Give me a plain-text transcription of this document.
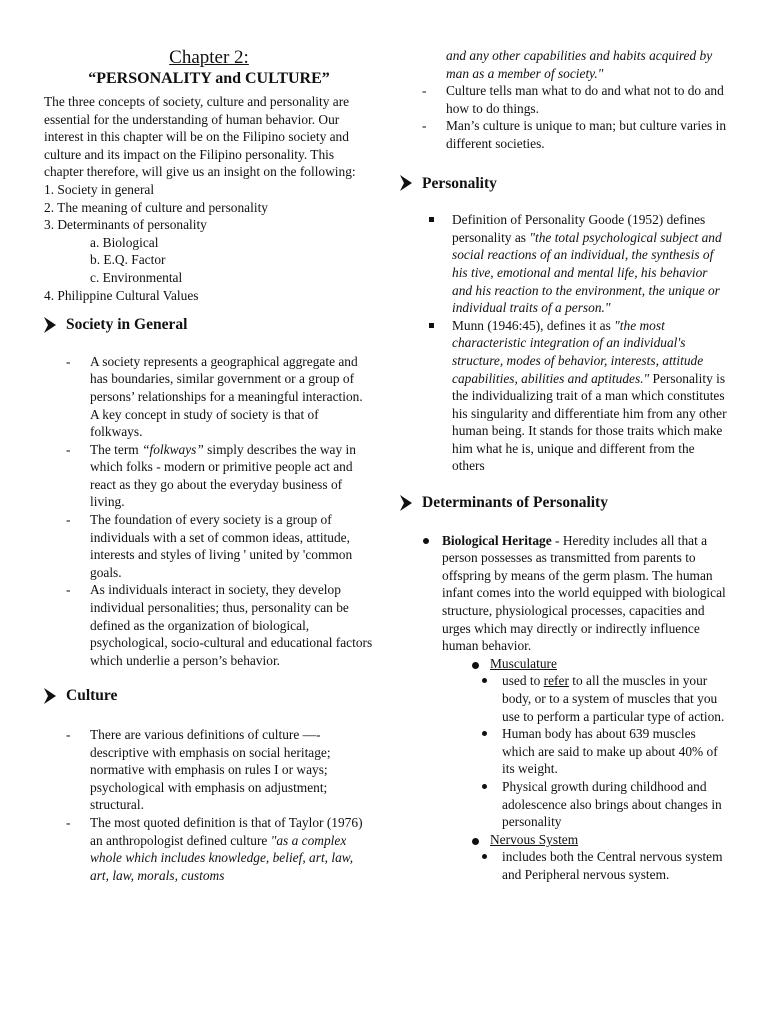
Chapter 2:
“PERSONALITY and CULTURE”

The three concepts of society, culture and personality are essential for the understanding of human behavior. Our interest in this chapter will be on the Filipino society and culture and its impact on the Filipino personality. This chapter therefore, will give us an insight on the following:

1. Society in general
2. The meaning of culture and personality
3. Determinants of personality
a. Biological
b. E.Q. Factor
c. Environmental
4. Philippine Cultural Values
Society in General
- A society represents a geographical aggregate and has boundaries, similar government or a group of persons’ relationships for a meaningful interaction. A key concept in study of society is that of folkways.
- The term “folkways” simply describes the way in which folks - modern or primitive people act and react as they go about the everyday business of living.
- The foundation of every society is a group of individuals with a set of common ideas, attitude, interests and styles of living ' united by 'common goals.
- As individuals interact in society, they develop individual personalities; thus, personality can be defined as the organization of biological, psychological, socio-cultural and educational factors which underlie a person’s behavior.
Culture
- There are various definitions of culture —- descriptive with emphasis on social heritage; normative with emphasis on rules I or ways; psychological with emphasis on adjustment; structural.
- The most quoted definition is that of Taylor (1976) an anthropologist defined culture "as a complex whole which includes knowledge, belief, art, law, art, law, morals, customs
and any other capabilities and habits acquired by man as a member of society."
- Culture tells man what to do and what not to do and how to do things.
- Man’s culture is unique to man; but culture varies in different societies.
Personality
Definition of Personality Goode (1952) defines personality as "the total psychological subject and social reactions of an individual, the synthesis of his tive, emotional and mental life, his behavior and his reaction to the environment, the unique or individual traits of a person."
Munn (1946:45), defines it as "the most characteristic integration of an individual's structure, modes of behavior, interests, attitude capabilities, abilities and aptitudes." Personality is the individualizing trait of a man which constitutes his singularity and differentiate him from any other human being. It stands for those traits which make him what he is, unique and different from the others
Determinants of Personality
Biological Heritage - Heredity includes all that a person possesses as transmitted from parents to offspring by means of the germ plasm. The human infant comes into the world equipped with biological structure, physiological processes, capacities and urges which may directly or indirectly influence human behavior.
Musculature
used to refer to all the muscles in your body, or to a system of muscles that you use to perform a particular type of action.
Human body has about 639 muscles which are said to make up about 40% of its weight.
Physical growth during childhood and adolescence also brings about changes in personality
Nervous System
includes both the Central nervous system and Peripheral nervous system.
